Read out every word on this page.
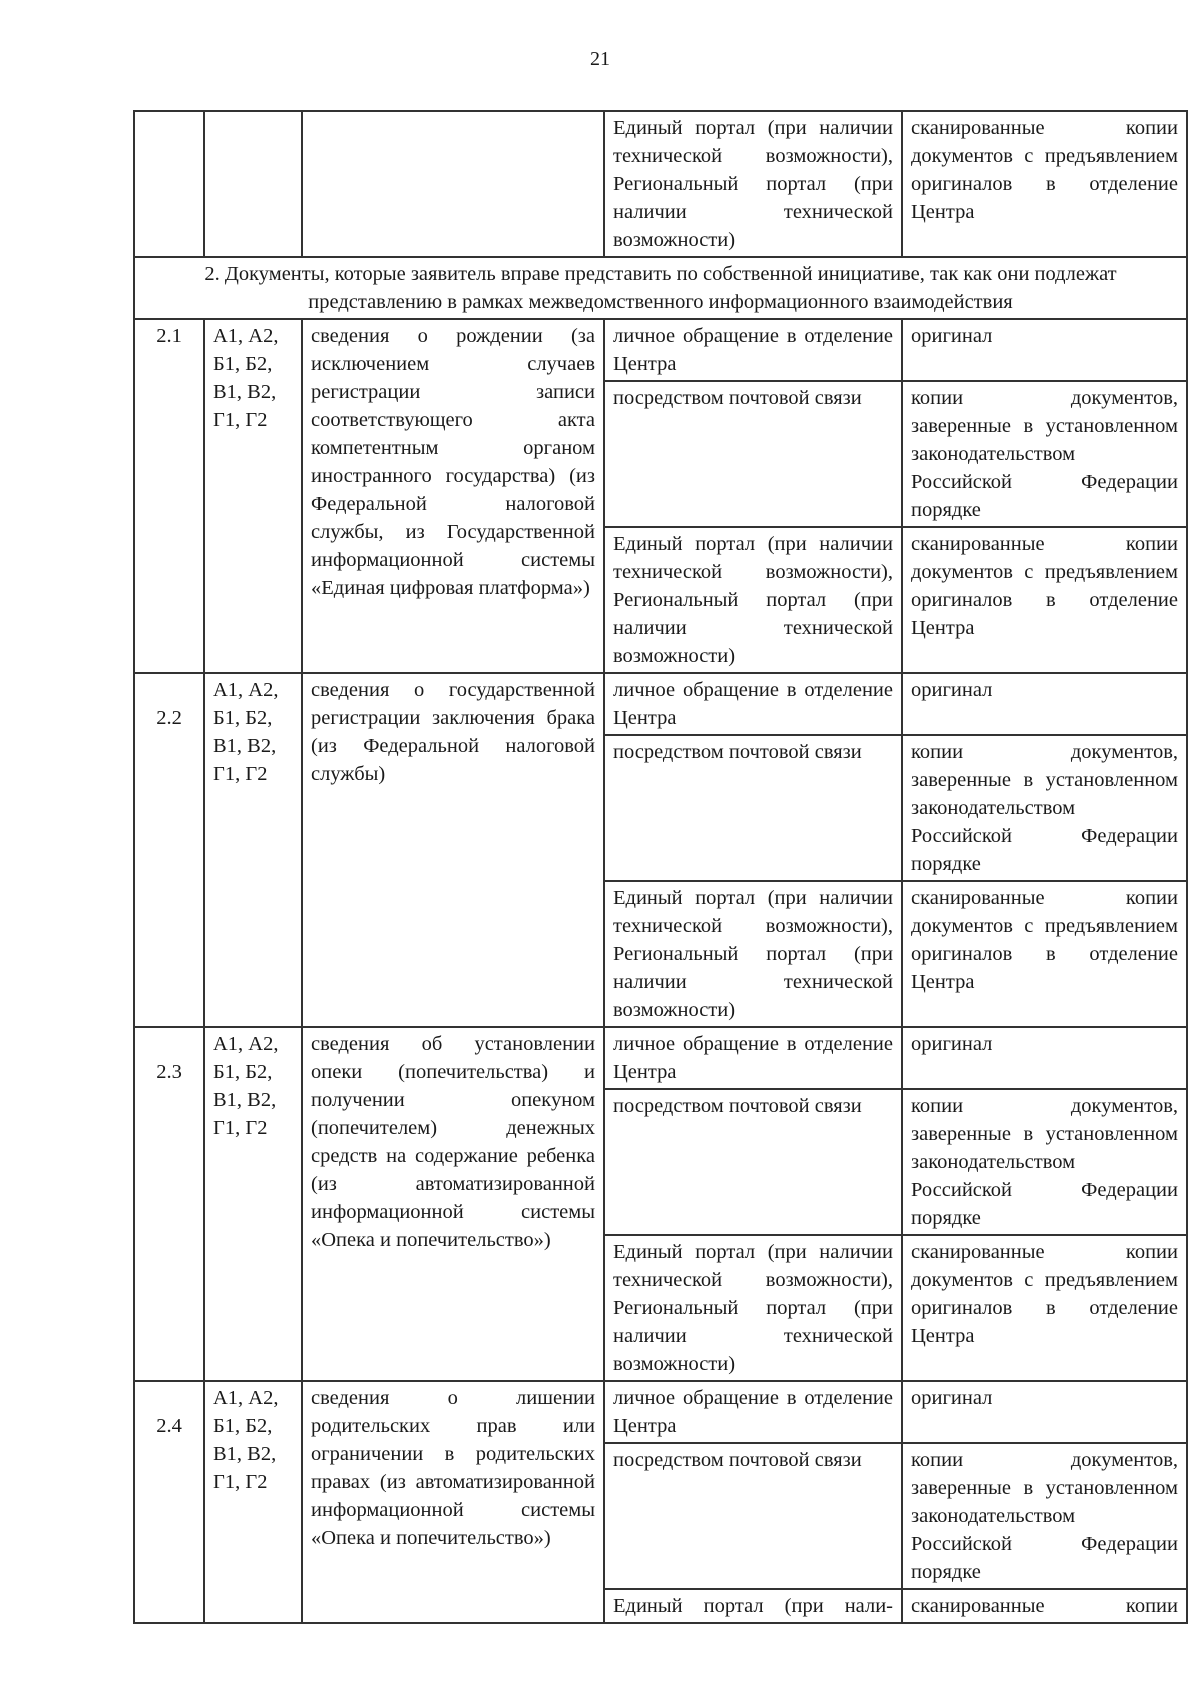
21
			Единый портал (при наличии технической возможности), Региональный портал (при наличии технической возможности)	сканированные копии документов с предъявлением оригиналов в отделение Центра
2. Документы, которые заявитель вправе представить по собственной инициативе, так как они подлежат представлению в рамках межведомственного информационного взаимодействия				
2.1	А1, А2, Б1, Б2, В1, В2, Г1, Г2	сведения о рождении (за исключением случаев регистрации записи соответствующего акта компетентным органом иностранного государства) (из Федеральной налоговой службы, из Государственной информационной системы «Единая цифровая платформа»)	личное обращение в отделение Центра	оригинал
			посредством почтовой связи	копии документов, заверенные в установленном законодательством Российской Федерации порядке
			Единый портал (при наличии технической возможности), Региональный портал (при наличии технической возможности)	сканированные копии документов с предъявлением оригиналов в отделение Центра
2.2	А1, А2, Б1, Б2, В1, В2, Г1, Г2	сведения о государственной регистрации заключения брака (из Федеральной налоговой службы)	личное обращение в отделение Центра	оригинал
			посредством почтовой связи	копии документов, заверенные в установленном законодательством Российской Федерации порядке
			Единый портал (при наличии технической возможности), Региональный портал (при наличии технической возможности)	сканированные копии документов с предъявлением оригиналов в отделение Центра
2.3	А1, А2, Б1, Б2, В1, В2, Г1, Г2	сведения об установлении опеки (попечительства) и получении опекуном (попечителем) денежных средств на содержание ребенка (из автоматизированной информационной системы «Опека и попечительство»)	личное обращение в отделение Центра	оригинал
			посредством почтовой связи	копии документов, заверенные в установленном законодательством Российской Федерации порядке
			Единый портал (при наличии технической возможности), Региональный портал (при наличии технической возможности)	сканированные копии документов с предъявлением оригиналов в отделение Центра
2.4	А1, А2, Б1, Б2, В1, В2, Г1, Г2	сведения о лишении родительских прав или ограничении в родительских правах (из автоматизированной информационной системы «Опека и попечительство»)	личное обращение в отделение Центра	оригинал
			посредством почтовой связи	копии документов, заверенные в установленном законодательством Российской Федерации порядке
			Единый портал (при нали-	сканированные копии
